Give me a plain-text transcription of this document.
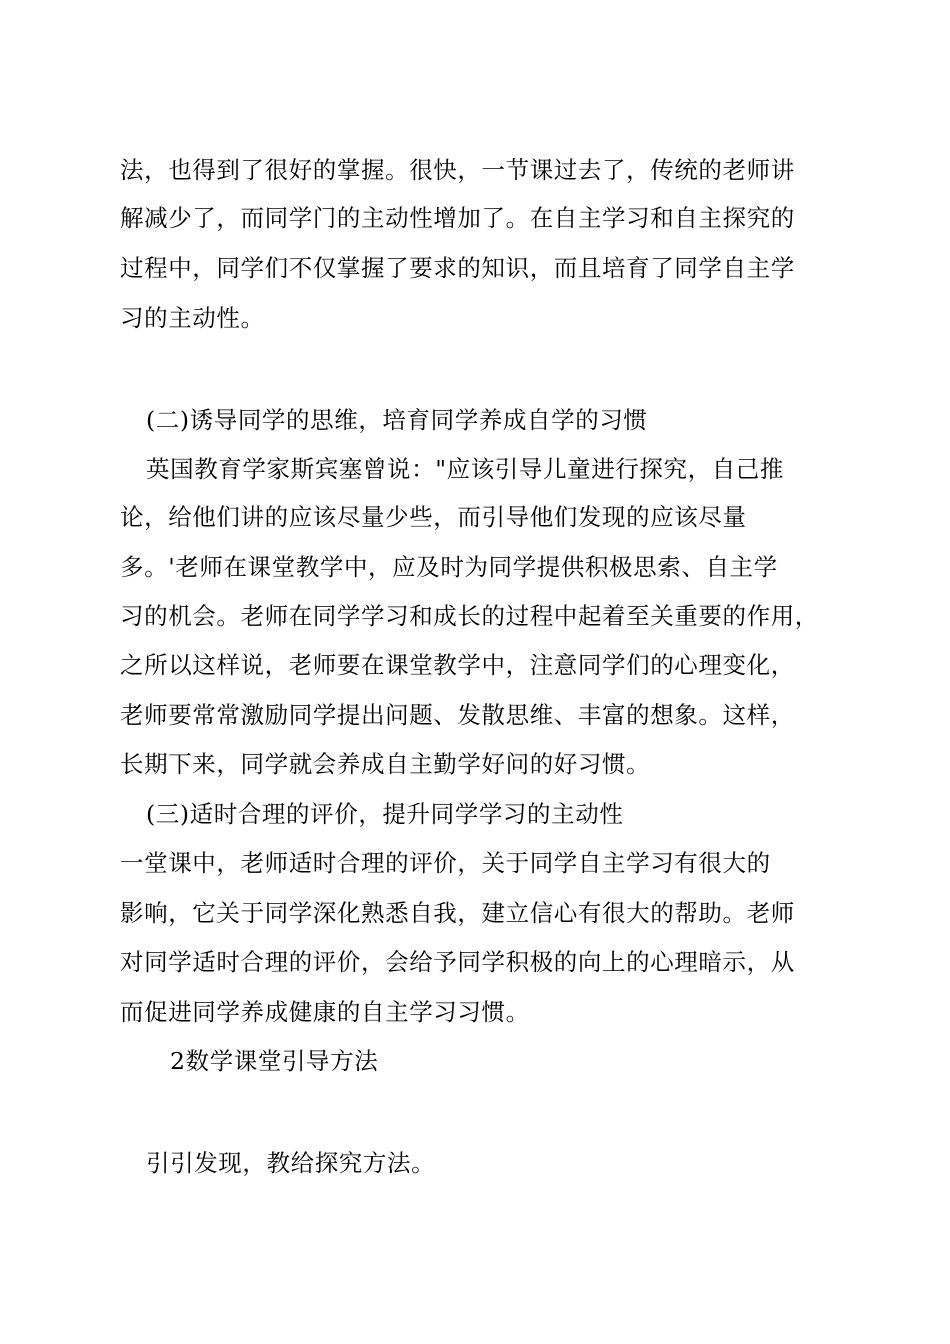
法，也得到了很好的掌握。很快，一节课过去了，传统的老师讲
解减少了，而同学门的主动性增加了。在自主学习和自主探究的
过程中，同学们不仅掌握了要求的知识，而且培育了同学自主学
习的主动性。
(二)诱导同学的思维，培育同学养成自学的习惯
英国教育学家斯宾塞曾说："应该引导儿童进行探究，自己推
论，给他们讲的应该尽量少些，而引导他们发现的应该尽量
多。'老师在课堂教学中，应及时为同学提供积极思索、自主学
习的机会。老师在同学学习和成长的过程中起着至关重要的作用，
之所以这样说，老师要在课堂教学中，注意同学们的心理变化，
老师要常常激励同学提出问题、发散思维、丰富的想象。这样，
长期下来，同学就会养成自主勤学好问的好习惯。
(三)适时合理的评价，提升同学学习的主动性
一堂课中，老师适时合理的评价，关于同学自主学习有很大的
影响，它关于同学深化熟悉自我，建立信心有很大的帮助。老师
对同学适时合理的评价，会给予同学积极的向上的心理暗示，从
而促进同学养成健康的自主学习习惯。
2数学课堂引导方法
引引发现，教给探究方法。
